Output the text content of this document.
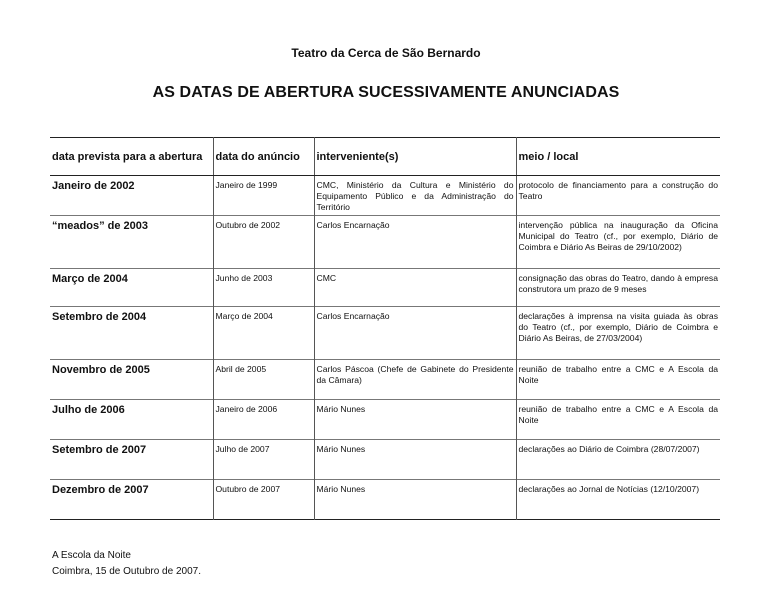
Teatro da Cerca de São Bernardo
AS DATAS DE ABERTURA SUCESSIVAMENTE ANUNCIADAS
data prevista para a abertura	data do anúncio	interveniente(s)	meio / local
Janeiro de 2002	Janeiro de 1999	CMC, Ministério da Cultura e Ministério do Equipamento Público e da Administração do Território	protocolo de financiamento para a construção do Teatro
“meados” de 2003	Outubro de 2002	Carlos Encarnação	intervenção pública na inauguração da Oficina Municipal do Teatro (cf., por exemplo, Diário de Coimbra e Diário As Beiras de 29/10/2002)
Março de 2004	Junho de 2003	CMC	consignação das obras do Teatro, dando à empresa construtora um prazo de 9 meses
Setembro de 2004	Março de 2004	Carlos Encarnação	declarações à imprensa na visita guiada às obras do Teatro (cf., por exemplo, Diário de Coimbra e Diário As Beiras, de 27/03/2004)
Novembro de 2005	Abril de 2005	Carlos Páscoa (Chefe de Gabinete do Presidente da Câmara)	reunião de trabalho entre a CMC e A Escola da Noite
Julho de 2006	Janeiro de 2006	Mário Nunes	reunião de trabalho entre a CMC e A Escola da Noite
Setembro de 2007	Julho de 2007	Mário Nunes	declarações ao Diário de Coimbra (28/07/2007)
Dezembro de 2007	Outubro de 2007	Mário Nunes	declarações ao Jornal de Notícias (12/10/2007)
A Escola da Noite
Coimbra, 15 de Outubro de 2007.
